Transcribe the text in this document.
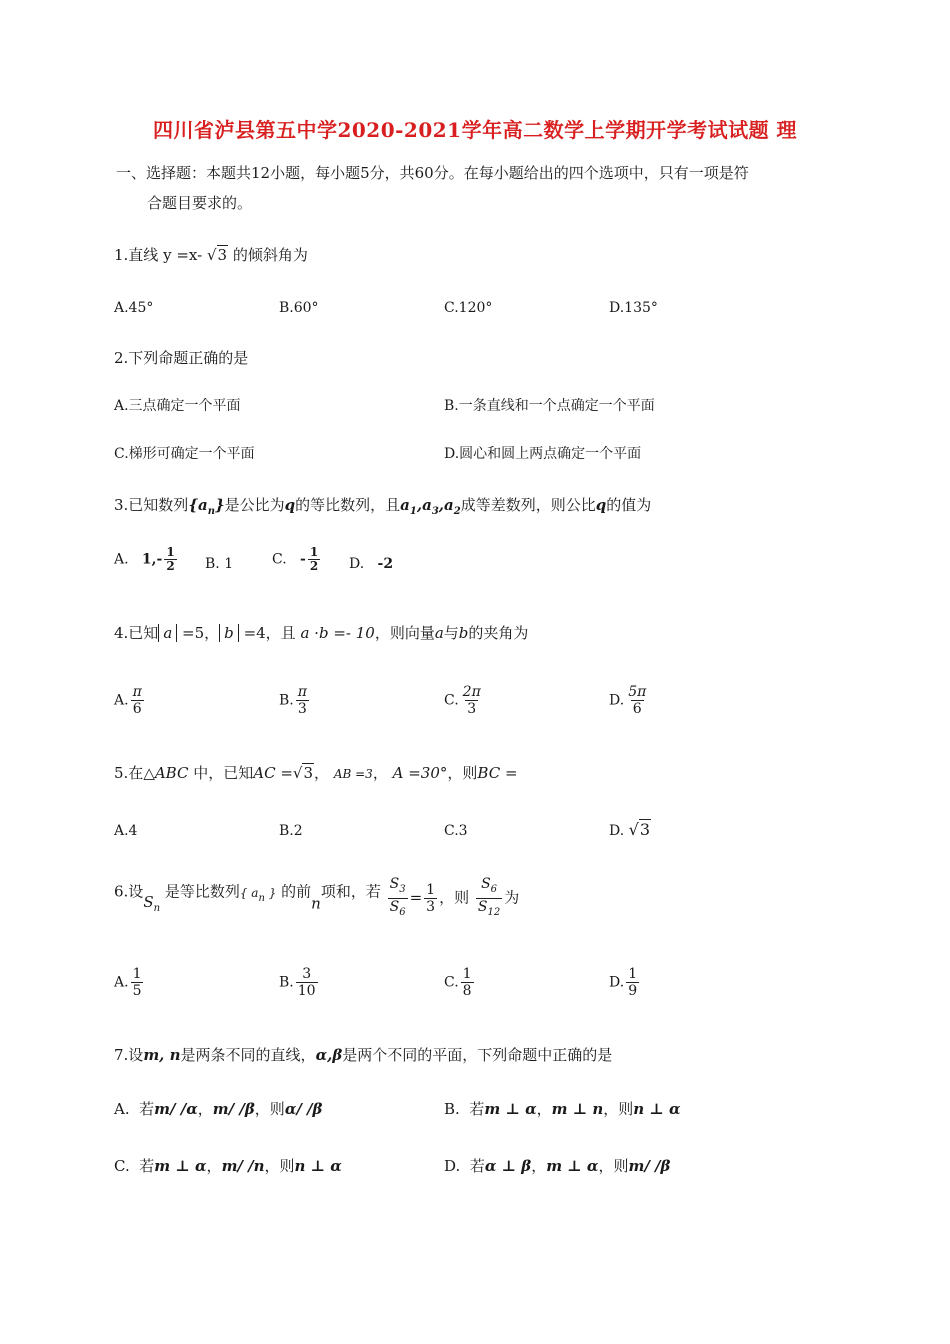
四川省泸县第五中学2020-2021学年高二数学上学期开学考试试题 理
一、选择题：本题共12小题，每小题5分，共60分。在每小题给出的四个选项中，只有一项是符
合题目要求的。
1.直线 y =x- √3 的倾斜角为
A.45°	B.60°	C.120°	D.135°
2.下列命题正确的是
A.三点确定一个平面	B.一条直线和一个点确定一个平面
C.梯形可确定一个平面	D.圆心和圆上两点确定一个平面
3.已知数列$\{a_n\}$是公比为q的等比数列，且$a_1,a_3,a_2$成等差数列，则公比q的值为
A. $1,- \frac{1}{2} B$. 1	C. - $\frac{1}{2} D$. -2
4.已知 a =5， b =4，且 a ·b =- 10，则向量a与b的夹角为
A. $\frac{\pi}{6}$	B. $\frac{\pi}{3}$	C. $\frac{2\pi}{3}$	D. $\frac{5\pi}{6}$
5.在△ABC 中，已知AC =√3， AB =3， A =30°，则BC =
A.4	B.2	C.3	D. √3
6.设$S_n$ 是等比数列$^{\{ a_n \}}$ 的前n项和，若 $\frac{S_3}{S_6} = \frac{1}{3}$ ，则 $\frac{S_6}{S_{12}}$ 为
A. $\frac{1}{5}$	B. $\frac{3}{10}$	C. $\frac{1}{8}$	D. $\frac{1}{9}$
7.设m, n是两条不同的直线，α,β是两个不同的平面，下列命题中正确的是
A. 若m/ /α，m/ /β，则α/ /β	B. 若m ⊥ α，m ⊥ n，则n ⊥ α
C. 若m ⊥ α，m/ /n，则n ⊥ α	D. 若α ⊥ β，m ⊥ α，则m/ /β
